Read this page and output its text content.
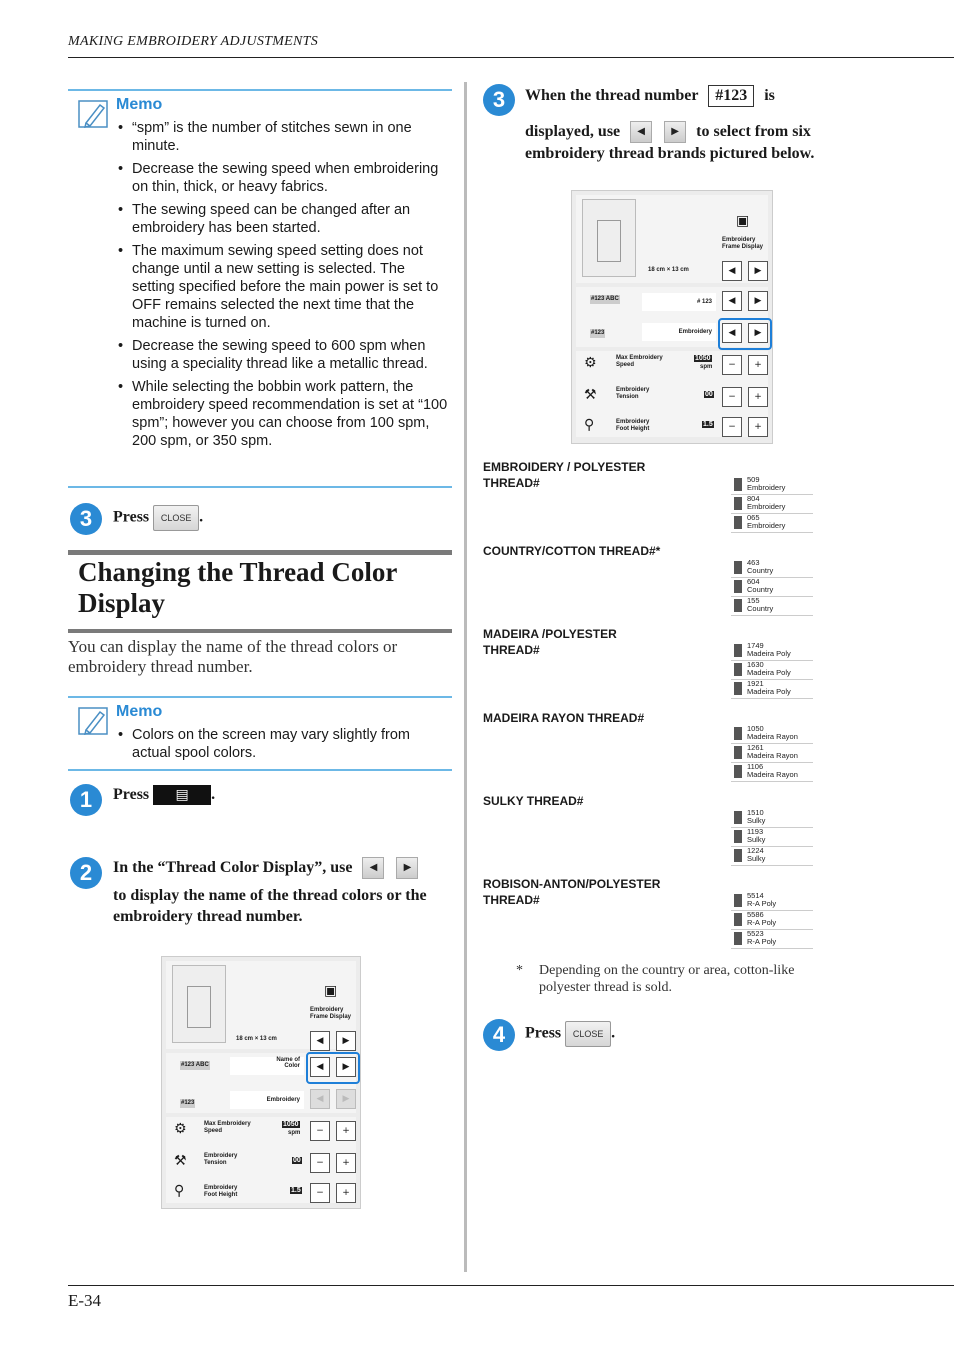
MAKING EMBROIDERY ADJUSTMENTS
Memo
• “spm” is the number of stitches sewn in one minute.
• Decrease the sewing speed when embroidering on thin, thick, or heavy fabrics.
• The sewing speed can be changed after an embroidery has been started.
• The maximum sewing speed setting does not change until a new setting is selected. The setting specified before the main power is set to OFF remains selected the next time that the machine is turned on.
• Decrease the sewing speed to 600 spm when using a speciality thread like a metallic thread.
• While selecting the bobbin work pattern, the embroidery speed recommendation is set at “100 spm”; however you can choose from 100 spm, 200 spm, or 350 spm.
3	Press CLOSE .
Changing the Thread Color
Display
You can display the name of the thread colors or embroidery thread number.
Memo
• Colors on the screen may vary slightly from actual spool colors.
1	Press ▤ .
2	In the “Thread Color Display”, use ◀	▶
to display the name of the thread colors or the embroidery thread number.
▣
Embroidery
Frame Display
18 cm × 13 cm	◀	▶
#123 ABC
Name of
Color	◀	▶
#123	Embroidery	◀	▶
⚙	Max Embroidery
Speed
1050
spm	−	+
⚒	Embroidery
Tension	00	−	+
⚲	Embroidery
Foot Height
1.5	−	+
3	When the thread number #123 is
displayed, use ◀	▶ to select from six
embroidery thread brands pictured below.
▣
Embroidery
Frame Display
18 cm × 13 cm	◀	▶
#123 ABC	# 123	◀	▶
#123	Embroidery	◀	▶
⚙	Max Embroidery
Speed
1050
spm	−	+
⚒	Embroidery
Tension	00	−	+
⚲	Embroidery
Foot Height
1.5	−	+
EMBROIDERY / POLYESTER
THREAD#	509
Embroidery
804
Embroidery
065
Embroidery
COUNTRY/COTTON THREAD#*
463
Country
604
Country
155
Country
MADEIRA /POLYESTER
THREAD#	1749
Madeira Poly
1630
Madeira Poly
1921
Madeira Poly
MADEIRA RAYON THREAD#
1050
Madeira Rayon
1261
Madeira Rayon
1106
Madeira Rayon
SULKY THREAD#
1510
Sulky
1193
Sulky
1224
Sulky
ROBISON-ANTON/POLYESTER
THREAD#	5514
R-A Poly
5586
R-A Poly
5523
R-A Poly
* Depending on the country or area, cotton-like polyester thread is sold.
4	Press CLOSE .
E-34
